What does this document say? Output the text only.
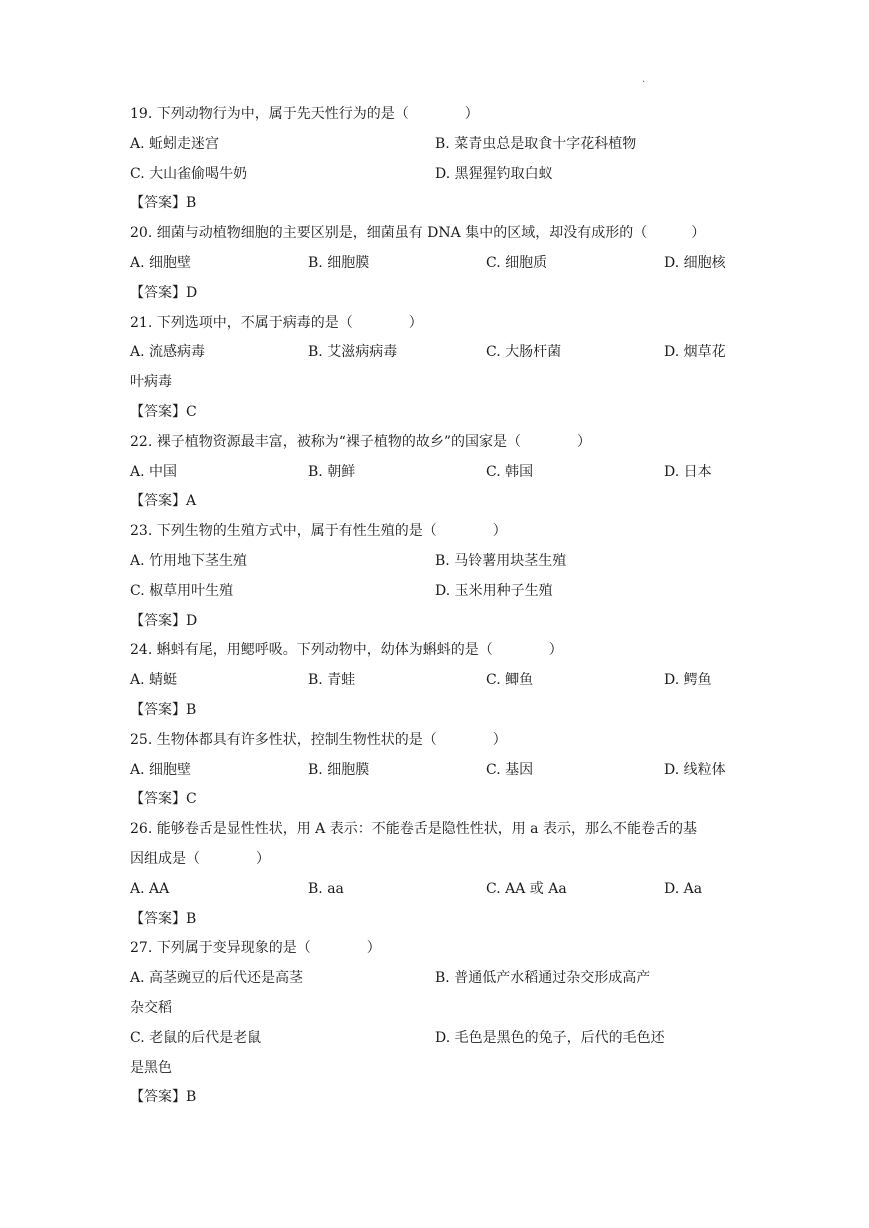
.
19. 下列动物行为中，属于先天性行为的是（	）
A. 蚯蚓走迷宫	B. 菜青虫总是取食十字花科植物
C. 大山雀偷喝牛奶	D. 黑猩猩钓取白蚁
【答案】B
20. 细菌与动植物细胞的主要区别是，细菌虽有 DNA 集中的区域，却没有成形的（	）
A. 细胞壁	B. 细胞膜	C. 细胞质	D. 细胞核
【答案】D
21. 下列选项中，不属于病毒的是（	）
A. 流感病毒	B. 艾滋病病毒	C. 大肠杆菌	D. 烟草花
叶病毒
【答案】C
22. 裸子植物资源最丰富，被称为“裸子植物的故乡”的国家是（	）
A. 中国	B. 朝鲜	C. 韩国	D. 日本
【答案】A
23. 下列生物的生殖方式中，属于有性生殖的是（	）
A. 竹用地下茎生殖	B. 马铃薯用块茎生殖
C. 椒草用叶生殖	D. 玉米用种子生殖
【答案】D
24. 蝌蚪有尾，用鳃呼吸。下列动物中，幼体为蝌蚪的是（	）
A. 蜻蜓	B. 青蛙	C. 鲫鱼	D. 鳄鱼
【答案】B
25. 生物体都具有许多性状，控制生物性状的是（	）
A. 细胞壁	B. 细胞膜	C. 基因	D. 线粒体
【答案】C
26. 能够卷舌是显性性状，用 A 表示：不能卷舌是隐性性状，用 a 表示，那么不能卷舌的基
因组成是（	）
A. AA	B. aa	C. AA 或 Aa	D. Aa
【答案】B
27. 下列属于变异现象的是（	）
A. 高茎豌豆的后代还是高茎	B. 普通低产水稻通过杂交形成高产
杂交稻
C. 老鼠的后代是老鼠	D. 毛色是黑色的兔子，后代的毛色还
是黑色
【答案】B
